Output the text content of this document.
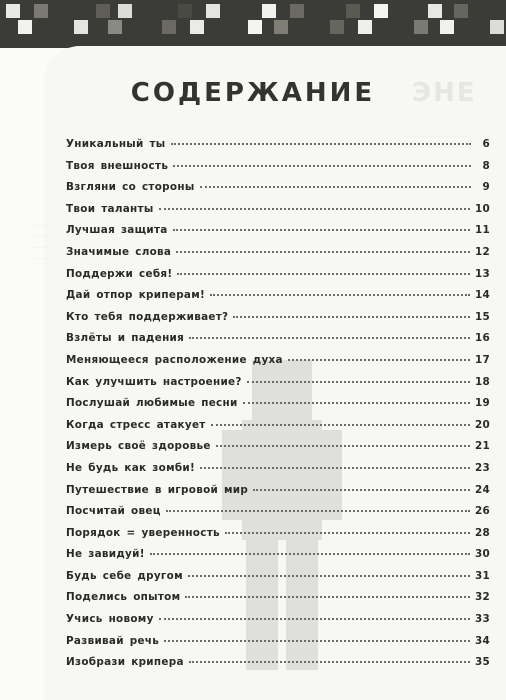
ЭНЕ
…………………………
……………………
……………………
……
……
……
……
СОДЕРЖАНИЕ
Уникальный ты	6
Твоя внешность	8
Взгляни со стороны	9
Твои таланты	10
Лучшая защита	11
Значимые слова	12
Поддержи себя!	13
Дай отпор криперам!	14
Кто тебя поддерживает?	15
Взлёты и падения	16
Меняющееся расположение духа	17
Как улучшить настроение?	18
Послушай любимые песни	19
Когда стресс атакует	20
Измерь своё здоровье	21
Не будь как зомби!	23
Путешествие в игровой мир	24
Посчитай овец	26
Порядок = уверенность	28
Не завидуй!	30
Будь себе другом	31
Поделись опытом	32
Учись новому	33
Развивай речь	34
Изобрази крипера	35
